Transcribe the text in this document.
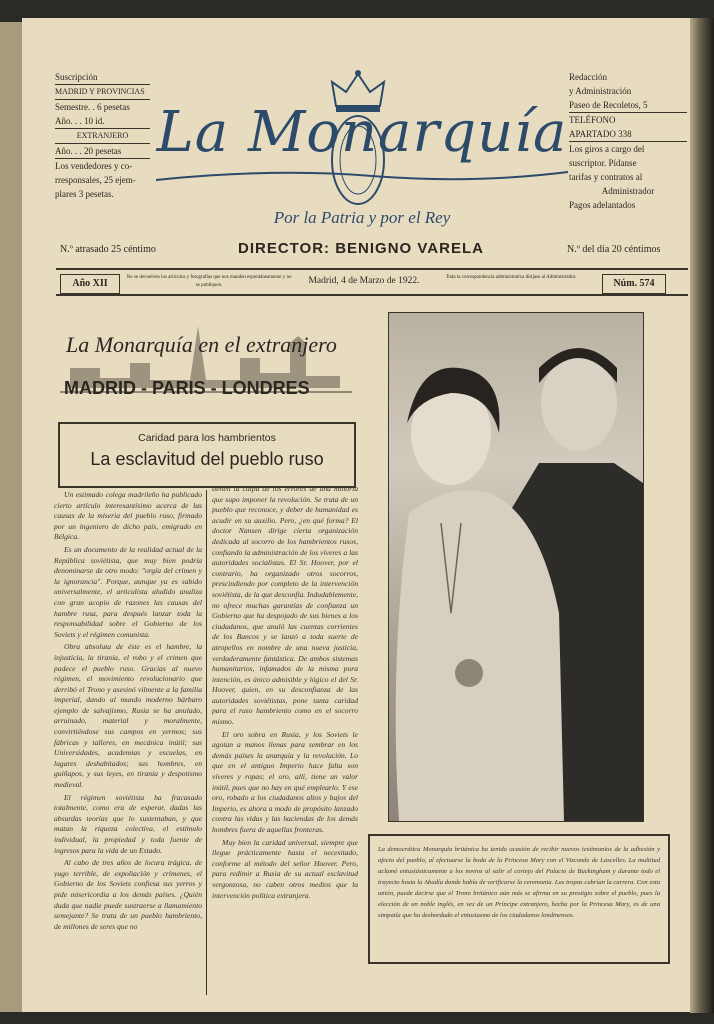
Suscripción
MADRID Y PROVINCIAS
Semestre. . 6 pesetas
Año. . . 10 id.
EXTRANJERO
Año. . . 20 pesetas
Los vendedores y co-
rresponsales, 25 ejem-
plares 3 pesetas.
La Monarquía
Por la Patria y por el Rey
Redacción
y Administración
Paseo de Recoletos, 5
TELÉFONO
APARTADO 338
Los giros a cargo del
suscriptor. Pídanse
tarifas y contratos al
Administrador
Pagos adelantados
N.º atrasado 25 céntimo	DIRECTOR: BENIGNO VARELA	N.º del día 20 céntimos
Año XII
No se devuelven los artículos y fotografías que nos manden espontáneamente y no se publiquen.	Madrid, 4 de Marzo de 1922.	Toda la correspondencia administrativa diríjase al Administrador.
Núm. 574
La Monarquía en el extranjero
MADRID - PARIS - LONDRES
Caridad para los hambrientos
La esclavitud del pueblo ruso

Un estimado colega madrileño ha publicado cierto artículo interesantísimo acerca de las causas de la miseria del pueblo ruso, firmado por un ingeniero de dicho país, emigrado en Bélgica.

Es un documento de la realidad actual de la República soviétista, que muy bien podría denominarse de otro modo: "orgía del crimen y la ignorancia". Porque, aunque ya es sabido universalmente, el articulista aludido analiza con gran acopio de razones las causas del hambre rusa, para después lanzar toda la responsabilidad sobre el Gobierno de los Soviets y el régimen comunista.

Obra absoluta de éste es el hambre, la injusticia, la tiranía, el robo y el crimen que padece el pueblo ruso. Gracias al nuevo régimen, el movimiento revolucionario que derribó el Trono y asesinó vilmente a la familia imperial, dando al mundo moderno bárbaro ejemplo de salvajismo, Rusia se ha anulado, arruinado, material y moralmente, convirtiéndose sus campos en yermos; sus fábricas y talleres, en mecánica inútil; sus Universidades, academias y escuelas, en lugares deshabitados; sus hombres, en guiñapos, y sus leyes, en tiranía y despotismo medieval.

El régimen soviétista ha fracasado totalmente, como era de esperar, dadas las absurdas teorías que lo sustentaban, y que matan la riqueza colectiva, el estímulo individual, la propiedad y toda fuente de ingresos para la vida de un Estado.

Al cabo de tres años de locura trágica, de yugo terrible, de expoliación y crímenes, el Gobierno de los Soviets confiesa sus yerros y pide misericordia a los demás países. ¿Quién duda que nadie puede sustraerse a llamamiento semejante? Se trata de un pueblo hambriento, de millones de seres que no

tienen la culpa de los errores de una minoría que supo imponer la revolución. Se trata de un pueblo que reconoce, y deber de humanidad es acudir en su auxilio. Pero, ¿en qué forma? El doctor Nansen dirige cierta organización dedicada al socorro de los hambrientos rusos, confiando la administración de los víveres a las autoridades socialistas. El Sr. Hoover, por el contrario, ha organizado otros socorros, prescindiendo por completo de la intervención soviétista, de la que desconfía. Indudablemente, no ofrece muchas garantías de confianza un Gobierno que ha despojado de sus bienes a los ciudadanos, que anuló las cuentas corrientes de los Bancos y se lanzó a toda suerte de atropellos en nombre de una nueva justicia, verdaderamente fantástica. De ambos sistemas humanitarios, infamados de la misma pura intención, es único admisible y lógico el del Sr. Hoover, quien, en su desconfianza de las autoridades soviétistas, pone tanta caridad para el ruso hambriento como en el socorro mismo.

El oro sobra en Rusia, y los Soviets le agotan a manos llenas para sembrar en los demás países la anarquía y la revolución. Lo que en el antiguo Imperio hace falta son víveres y ropas; el oro, allí, tiene un valor inútil, pues que no hay en qué emplearlo. Y ese oro, robado a los ciudadanos altos y bajos del Imperio, es ahora a modo de propósito lanzado contra las vidas y las haciendas de los demás hombres fuera de aquellas fronteras.

Muy bien la caridad universal, siempre que llegue prácticamente hasta el necesitado, conforme al método del señor Hoover. Pero, para redimir a Rusia de su actual esclavitud vergonzosa, no caben otros medios que la intervención política extranjera.

La democrática Monarquía británica ha tenido ocasión de recibir nuevos testimonios de la adhesión y afecto del pueblo, al efectuarse la boda de la Princesa Mary con el Vizconde de Lascelles. La multitud aclamó entusiásticamente a los novios al salir el cortejo del Palacio de Buckingham y durante todo el trayecto hasta la Abadía donde había de verificarse la ceremonia. Las tropas cubrían la carrera. Con esta unión, puede decirse que el Trono británico aún más se afirma en su prestigio sobre el pueblo, pues la elección de un noble inglés, en vez de un Príncipe extranjero, hecha por la Princesa Mary, es de una simpatía que ha desbordado el entusiasmo de los ciudadanos londinenses.
